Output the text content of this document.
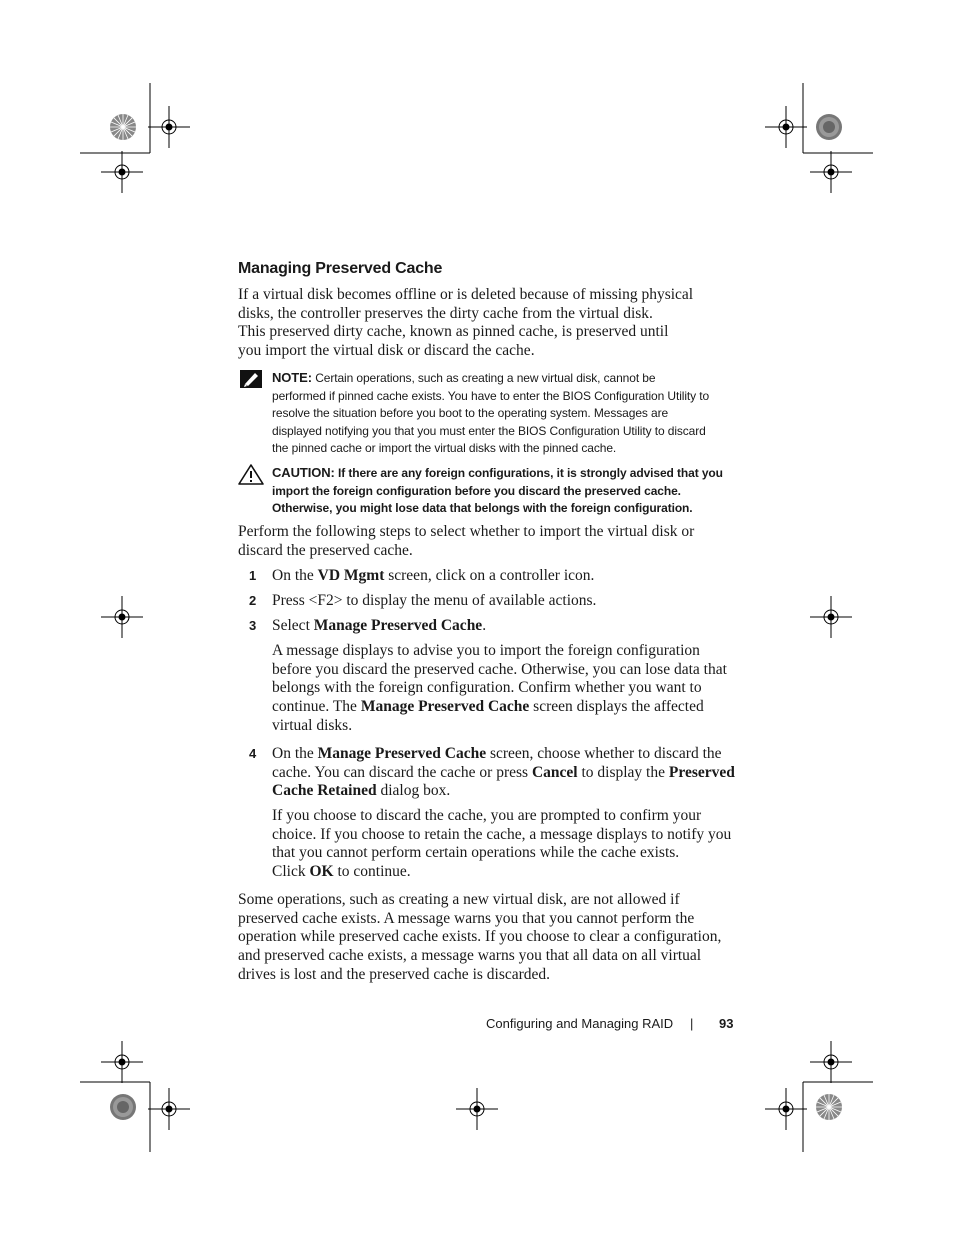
Managing Preserved Cache
If a virtual disk becomes offline or is deleted because of missing physical
disks, the controller preserves the dirty cache from the virtual disk.
This preserved dirty cache, known as pinned cache, is preserved until
you import the virtual disk or discard the cache.
NOTE: Certain operations, such as creating a new virtual disk, cannot be
performed if pinned cache exists. You have to enter the BIOS Configuration Utility to
resolve the situation before you boot to the operating system. Messages are
displayed notifying you that you must enter the BIOS Configuration Utility to discard
the pinned cache or import the virtual disks with the pinned cache.
CAUTION: If there are any foreign configurations, it is strongly advised that you
import the foreign configuration before you discard the preserved cache.
Otherwise, you might lose data that belongs with the foreign configuration.
Perform the following steps to select whether to import the virtual disk or
discard the preserved cache.
1 On the VD Mgmt screen, click on a controller icon.
2 Press <F2> to display the menu of available actions.
3 Select Manage Preserved Cache.
A message displays to advise you to import the foreign configuration
before you discard the preserved cache. Otherwise, you can lose data that
belongs with the foreign configuration. Confirm whether you want to
continue. The Manage Preserved Cache screen displays the affected
virtual disks.
4 On the Manage Preserved Cache screen, choose whether to discard the
cache. You can discard the cache or press Cancel to display the Preserved
Cache Retained dialog box.
If you choose to discard the cache, you are prompted to confirm your
choice. If you choose to retain the cache, a message displays to notify you
that you cannot perform certain operations while the cache exists.
Click OK to continue.
Some operations, such as creating a new virtual disk, are not allowed if
preserved cache exists. A message warns you that you cannot perform the
operation while preserved cache exists. If you choose to clear a configuration,
and preserved cache exists, a message warns you that all data on all virtual
drives is lost and the preserved cache is discarded.
Configuring and Managing RAID | 93
